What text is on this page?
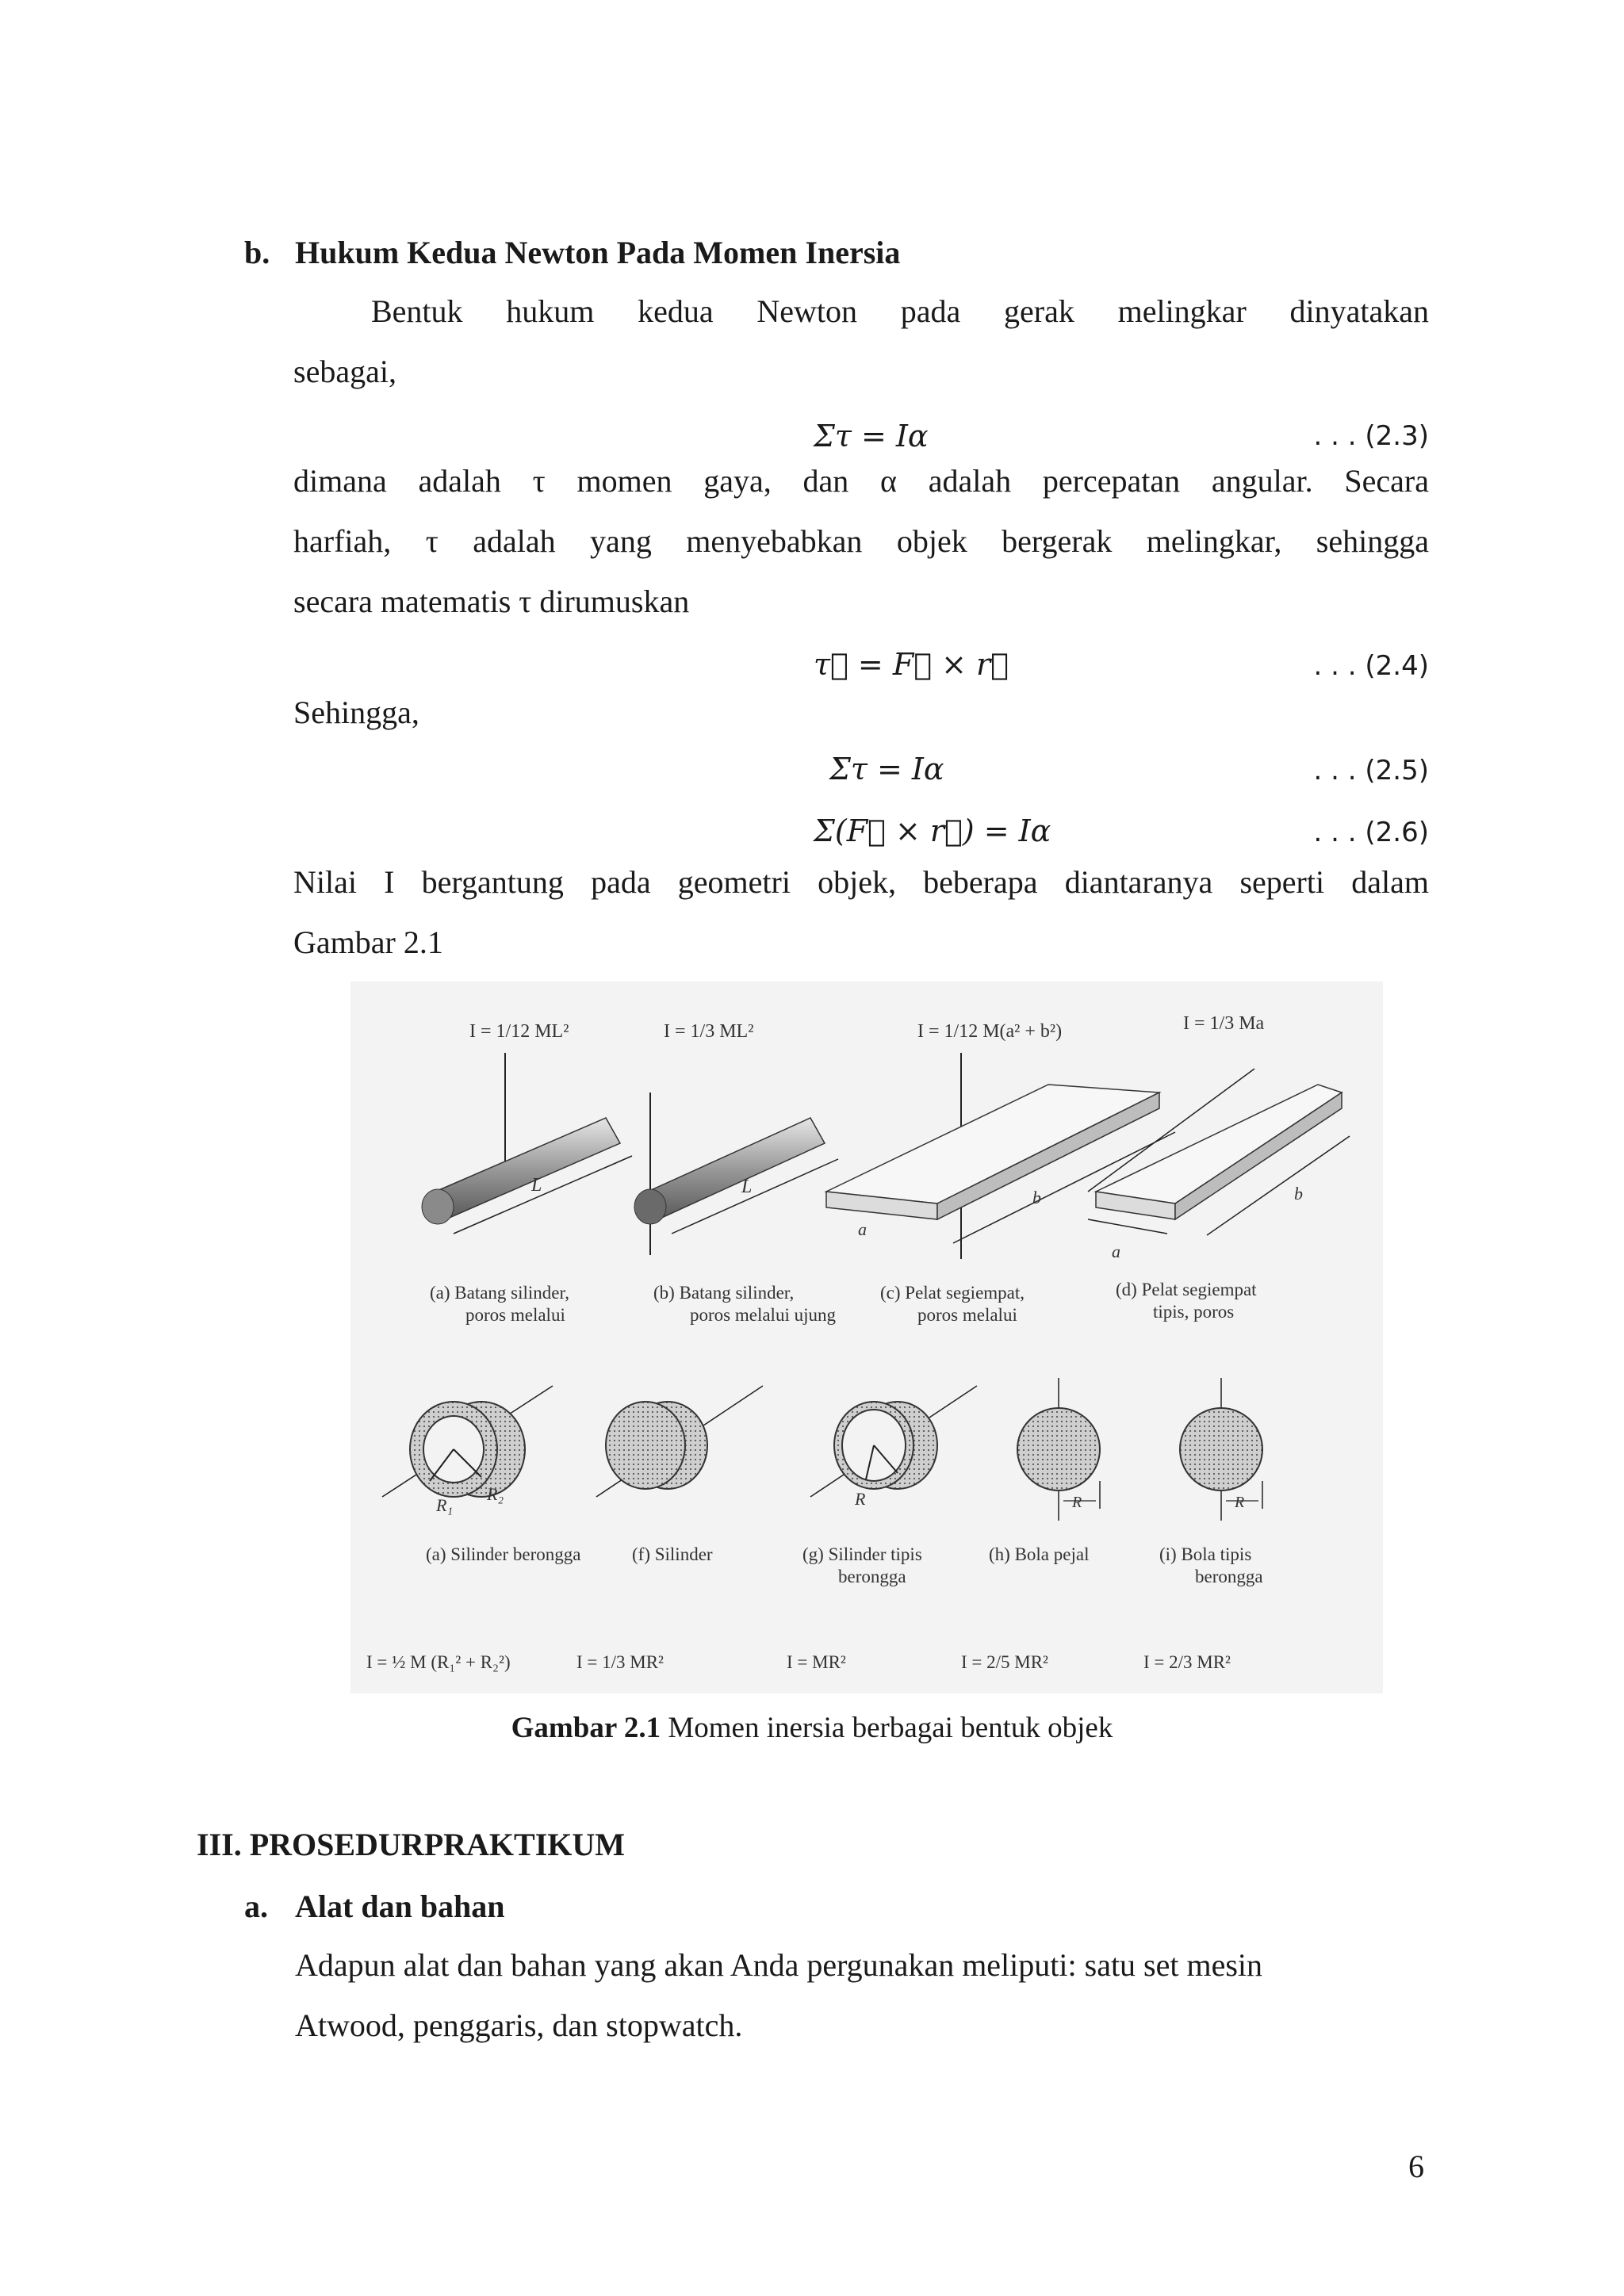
b. Hukum Kedua Newton Pada Momen Inersia
Bentuk hukum kedua Newton pada gerak melingkar dinyatakan
sebagai,
Στ = Iα	. . . (2.3)
dimana adalah τ momen gaya, dan α adalah percepatan angular. Secara
harfiah, τ adalah yang menyebabkan objek bergerak melingkar, sehingga
secara matematis τ dirumuskan
τ⃗ = F⃗ × r⃗	. . . (2.4)
Sehingga,
Στ = Iα	. . . (2.5)
Σ(F⃗ × r⃗) = Iα	. . . (2.6)
Nilai I bergantung pada geometri objek, beberapa diantaranya seperti dalam
Gambar 2.1
I = 1/12 ML²	I = 1/3 ML²	I = 1/12 M(a² + b²)	I = 1/3 Ma
L	L
a
b
a
b
(a) Batang silinder,
poros melalui
(b) Batang silinder,
poros melalui ujung
(c) Pelat segiempat,
poros melalui
(d) Pelat segiempat
tipis, poros
R₁
R₂	R	R	R
(a) Silinder berongga	(f) Silinder	(g) Silinder tipis
berongga
(h) Bola pejal	(i) Bola tipis
berongga
I = ½ M (R₁² + R₂²)	I = 1/3 MR²	I = MR²	I = 2/5 MR²	I = 2/3 MR²
Gambar 2.1 Momen inersia berbagai bentuk objek
III. PROSEDURPRAKTIKUM
a. Alat dan bahan
Adapun alat dan bahan yang akan Anda pergunakan meliputi: satu set mesin
Atwood, penggaris, dan stopwatch.
6
